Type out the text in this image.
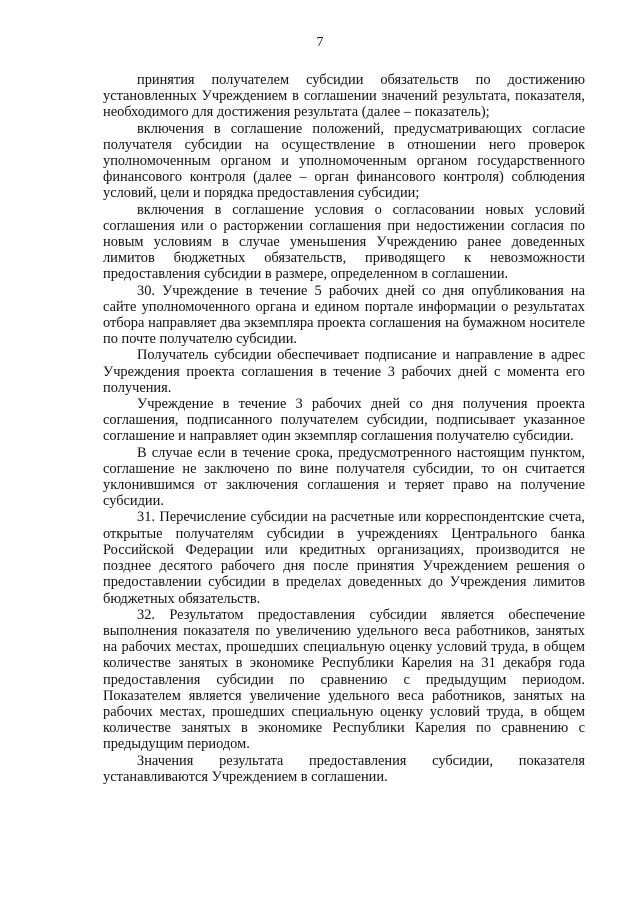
7

принятия получателем субсидии обязательств по достижению установленных Учреждением в соглашении значений результата, показателя, необходимого для достижения результата (далее – показатель);

включения в соглашение положений, предусматривающих согласие получателя субсидии на осуществление в отношении него проверок уполномоченным органом и уполномоченным органом государственного финансового контроля (далее – орган финансового контроля) соблюдения условий, цели и порядка предоставления субсидии;

включения в соглашение условия о согласовании новых условий соглашения или о расторжении соглашения при недостижении согласия по новым условиям в случае уменьшения Учреждению ранее доведенных лимитов бюджетных обязательств, приводящего к невозможности предоставления субсидии в размере, определенном в соглашении.

30. Учреждение в течение 5 рабочих дней со дня опубликования на сайте уполномоченного органа и едином портале информации о результатах отбора направляет два экземпляра проекта соглашения на бумажном носителе по почте получателю субсидии.

Получатель субсидии обеспечивает подписание и направление в адрес Учреждения проекта соглашения в течение 3 рабочих дней с момента его получения.

Учреждение в течение 3 рабочих дней со дня получения проекта соглашения, подписанного получателем субсидии, подписывает указанное соглашение и направляет один экземпляр соглашения получателю субсидии.

В случае если в течение срока, предусмотренного настоящим пунктом, соглашение не заключено по вине получателя субсидии, то он считается уклонившимся от заключения соглашения и теряет право на получение субсидии.

31. Перечисление субсидии на расчетные или корреспондентские счета, открытые получателям субсидии в учреждениях Центрального банка Российской Федерации или кредитных организациях, производится не позднее десятого рабочего дня после принятия Учреждением решения о предоставлении субсидии в пределах доведенных до Учреждения лимитов бюджетных обязательств.

32. Результатом предоставления субсидии является обеспечение выполнения показателя по увеличению удельного веса работников, занятых на рабочих местах, прошедших специальную оценку условий труда, в общем количестве занятых в экономике Республики Карелия на 31 декабря года предоставления субсидии по сравнению с предыдущим периодом. Показателем является увеличение удельного веса работников, занятых на рабочих местах, прошедших специальную оценку условий труда, в общем количестве занятых в экономике Республики Карелия по сравнению с предыдущим периодом.

Значения результата предоставления субсидии, показателя устанавливаются Учреждением в соглашении.
